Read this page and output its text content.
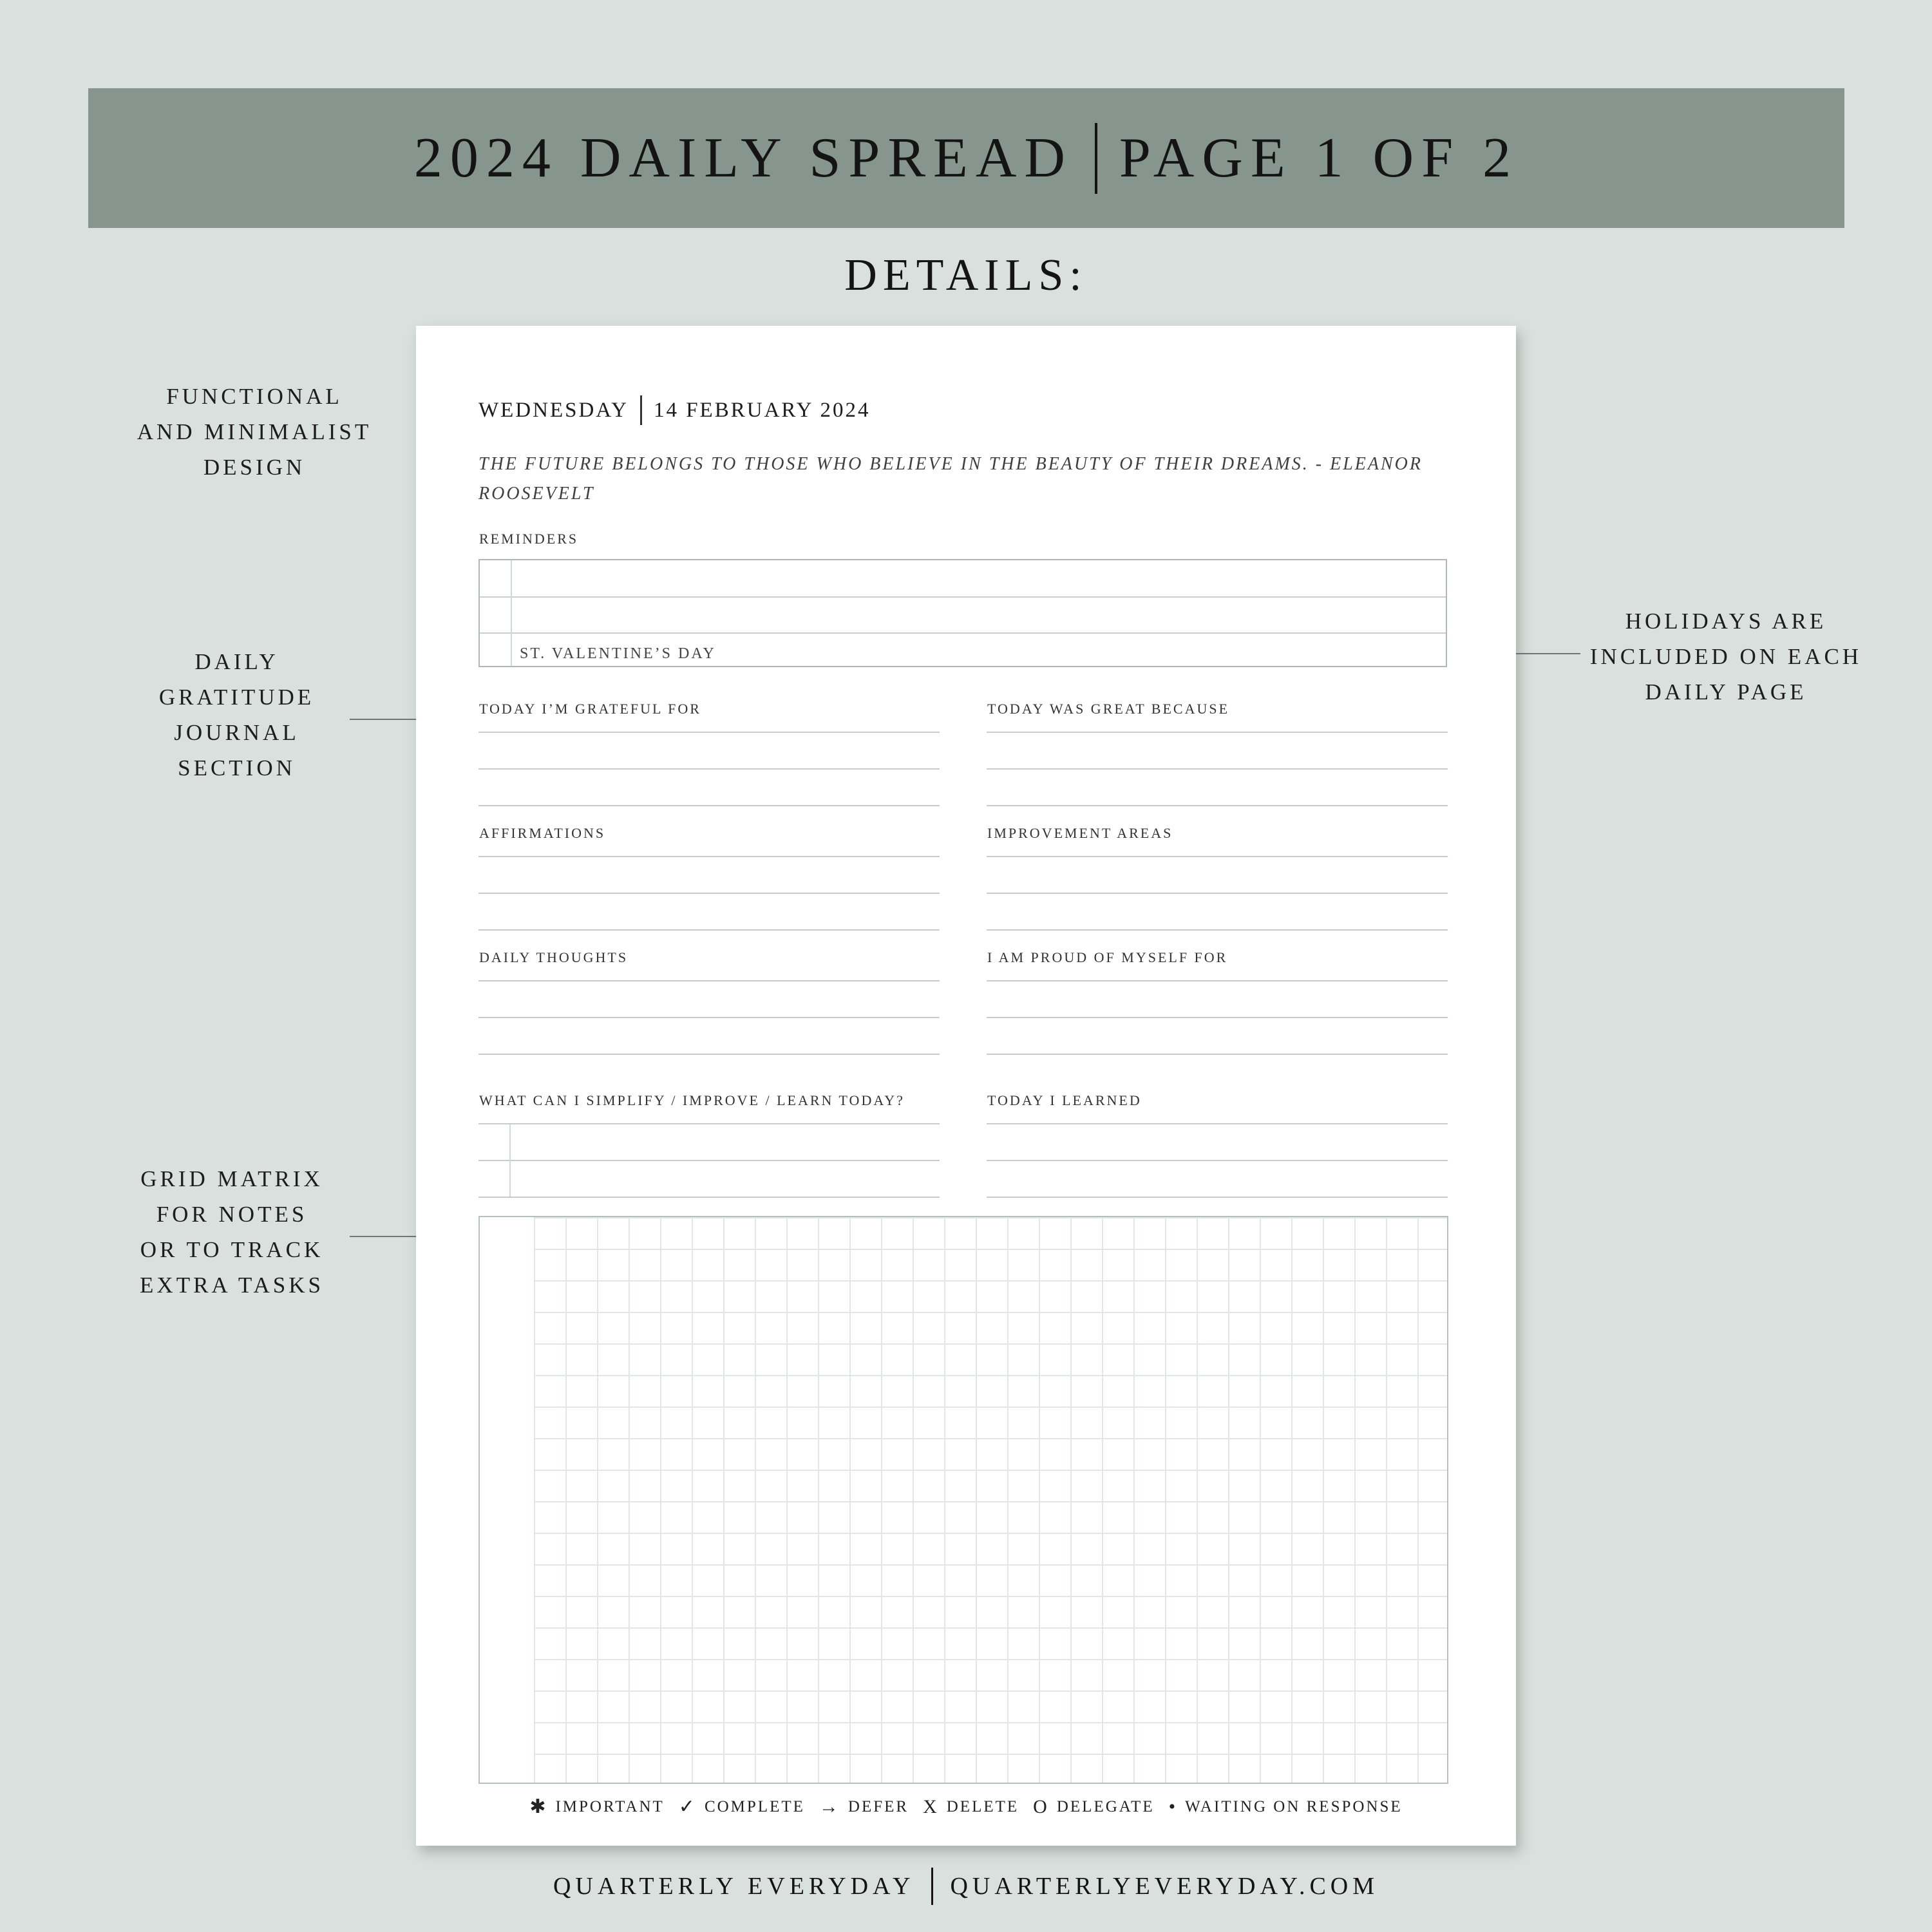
2024 DAILY SPREAD PAGE 1 OF 2
DETAILS:
FUNCTIONAL
AND MINIMALIST
DESIGN
DAILY
GRATITUDE
JOURNAL
SECTION
GRID MATRIX
FOR NOTES
OR TO TRACK
EXTRA TASKS
HOLIDAYS ARE
INCLUDED ON EACH
DAILY PAGE
WEDNESDAY 14 FEBRUARY 2024
THE FUTURE BELONGS TO THOSE WHO BELIEVE IN THE BEAUTY OF THEIR DREAMS. - ELEANOR ROOSEVELT
REMINDERS
ST. VALENTINE’S DAY
TODAY I’M GRATEFUL FOR	TODAY WAS GREAT BECAUSE
AFFIRMATIONS	IMPROVEMENT AREAS
DAILY THOUGHTS	I AM PROUD OF MYSELF FOR
WHAT CAN I SIMPLIFY / IMPROVE / LEARN TODAY?	TODAY I LEARNED
✱ IMPORTANT ✓ COMPLETE → DEFER X DELETE O DELEGATE • WAITING ON RESPONSE
QUARTERLY EVERYDAY QUARTERLYEVERYDAY.COM
